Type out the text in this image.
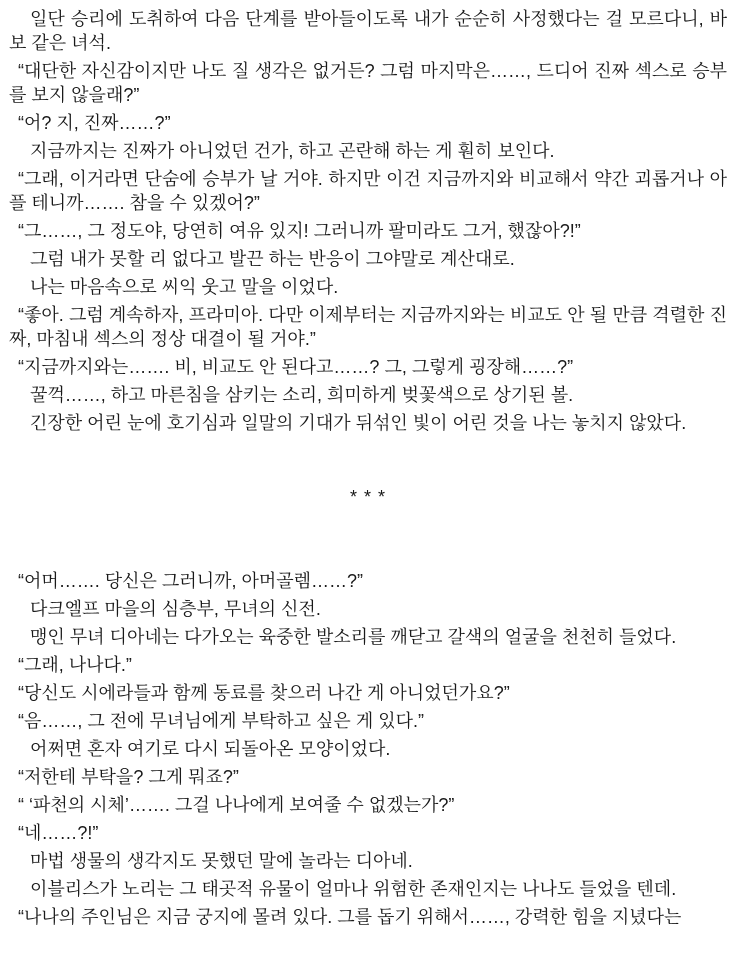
일단 승리에 도취하여 다음 단계를 받아들이도록 내가 순순히 사정했다는 걸 모르다니, 바보 같은 녀석.

“대단한 자신감이지만 나도 질 생각은 없거든? 그럼 마지막은……, 드디어 진짜 섹스로 승부를 보지 않을래?”

“어? 지, 진짜……?”

지금까지는 진짜가 아니었던 건가, 하고 곤란해 하는 게 훤히 보인다.

“그래, 이거라면 단숨에 승부가 날 거야. 하지만 이건 지금까지와 비교해서 약간 괴롭거나 아플 테니까……. 참을 수 있겠어?”

“그……, 그 정도야, 당연히 여유 있지! 그러니까 팔미라도 그거, 했잖아?!”

그럼 내가 못할 리 없다고 발끈 하는 반응이 그야말로 계산대로.

나는 마음속으로 씨익 웃고 말을 이었다.

“좋아. 그럼 계속하자, 프라미아. 다만 이제부터는 지금까지와는 비교도 안 될 만큼 격렬한 진짜, 마침내 섹스의 정상 대결이 될 거야.”

“지금까지와는……. 비, 비교도 안 된다고……? 그, 그렇게 굉장해……?”

꿀꺽……, 하고 마른침을 삼키는 소리, 희미하게 벚꽃색으로 상기된 볼.

긴장한 어린 눈에 호기심과 일말의 기대가 뒤섞인 빛이 어린 것을 나는 놓치지 않았다.

* * *

“어머……. 당신은 그러니까, 아머골렘……?”

다크엘프 마을의 심층부, 무녀의 신전.

맹인 무녀 디아네는 다가오는 육중한 발소리를 깨닫고 갈색의 얼굴을 천천히 들었다.

“그래, 나나다.”

“당신도 시에라들과 함께 동료를 찾으러 나간 게 아니었던가요?”

“음……, 그 전에 무녀님에게 부탁하고 싶은 게 있다.”

어쩌면 혼자 여기로 다시 되돌아온 모양이었다.

“저한테 부탁을? 그게 뭐죠?”

“ ‘파천의 시체’……. 그걸 나나에게 보여줄 수 없겠는가?”

“네……?!”

마법 생물의 생각지도 못했던 말에 놀라는 디아네.

이블리스가 노리는 그 태곳적 유물이 얼마나 위험한 존재인지는 나나도 들었을 텐데.

“나나의 주인님은 지금 궁지에 몰려 있다. 그를 돕기 위해서……, 강력한 힘을 지녔다는
